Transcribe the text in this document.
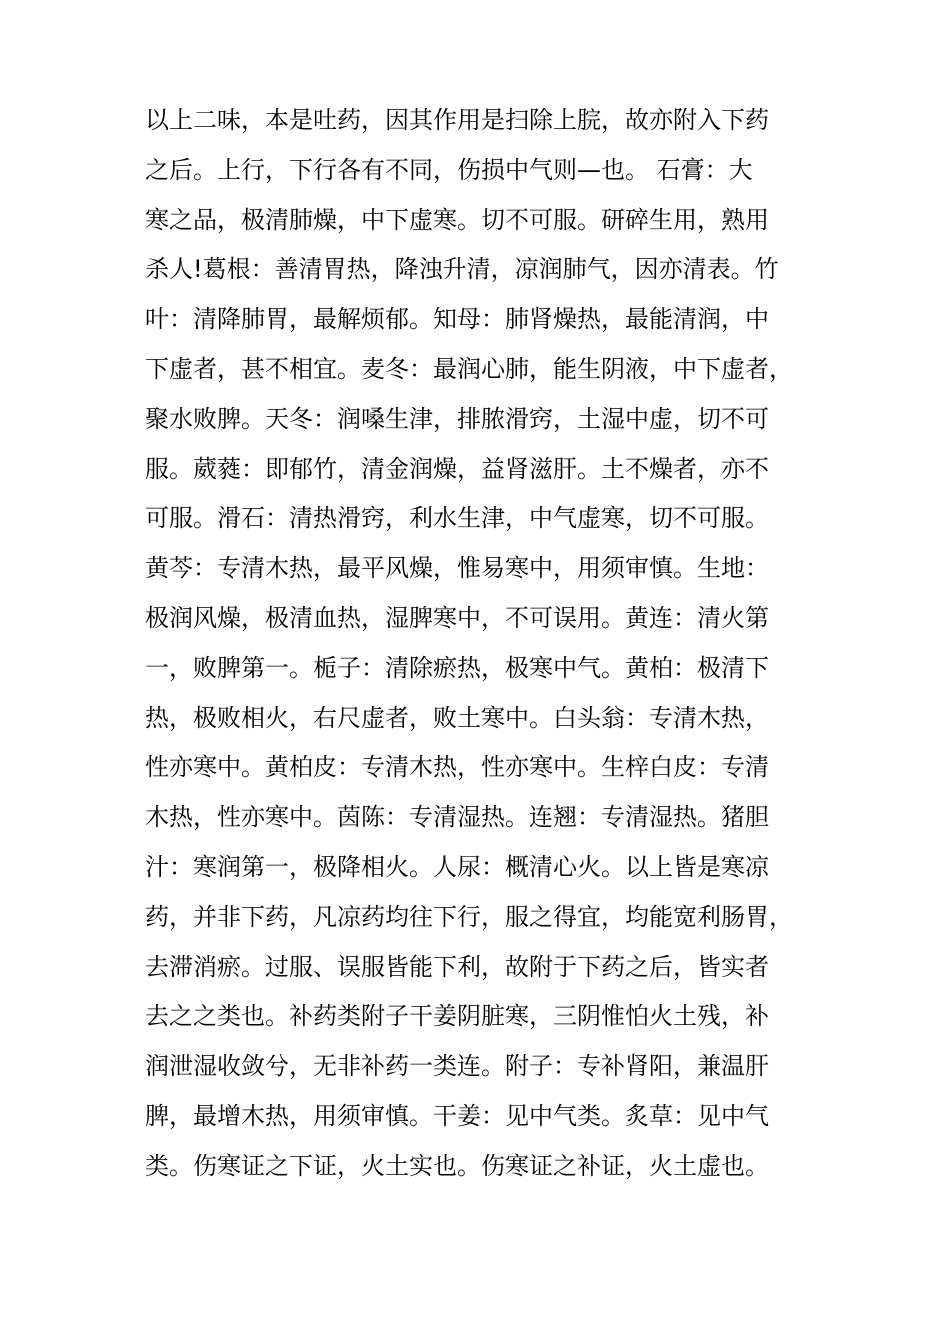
以上二味，本是吐药，因其作用是扫除上脘，故亦附入下药
之后。上行，下行各有不同，伤损中气则—也。 石膏：大
寒之品，极清肺燥，中下虚寒。切不可服。研碎生用，熟用
杀人!葛根：善清胃热，降浊升清，凉润肺气，因亦清表。竹
叶：清降肺胃，最解烦郁。知母：肺肾燥热，最能清润，中
下虚者，甚不相宜。麦冬：最润心肺，能生阴液，中下虚者，
聚水败脾。天冬：润嗓生津，排脓滑窍，土湿中虚，切不可
服。葳蕤：即郁竹，清金润燥，益肾滋肝。土不燥者，亦不
可服。滑石：清热滑窍，利水生津，中气虚寒，切不可服。
黄芩：专清木热，最平风燥，惟易寒中，用须审慎。生地：
极润风燥，极清血热，湿脾寒中，不可误用。黄连：清火第
一，败脾第一。栀子：清除瘀热，极寒中气。黄柏：极清下
热，极败相火，右尺虚者，败土寒中。白头翁：专清木热，
性亦寒中。黄柏皮：专清木热，性亦寒中。生梓白皮：专清
木热，性亦寒中。茵陈：专清湿热。连翘：专清湿热。猪胆
汁：寒润第一，极降相火。人尿：概清心火。以上皆是寒凉
药，并非下药，凡凉药均往下行，服之得宜，均能宽利肠胃，
去滞消瘀。过服、误服皆能下利，故附于下药之后，皆实者
去之之类也。补药类附子干姜阴脏寒，三阴惟怕火土残，补
润泄湿收敛兮，无非补药一类连。附子：专补肾阳，兼温肝
脾，最增木热，用须审慎。干姜：见中气类。炙草：见中气
类。伤寒证之下证，火土实也。伤寒证之补证，火土虚也。
